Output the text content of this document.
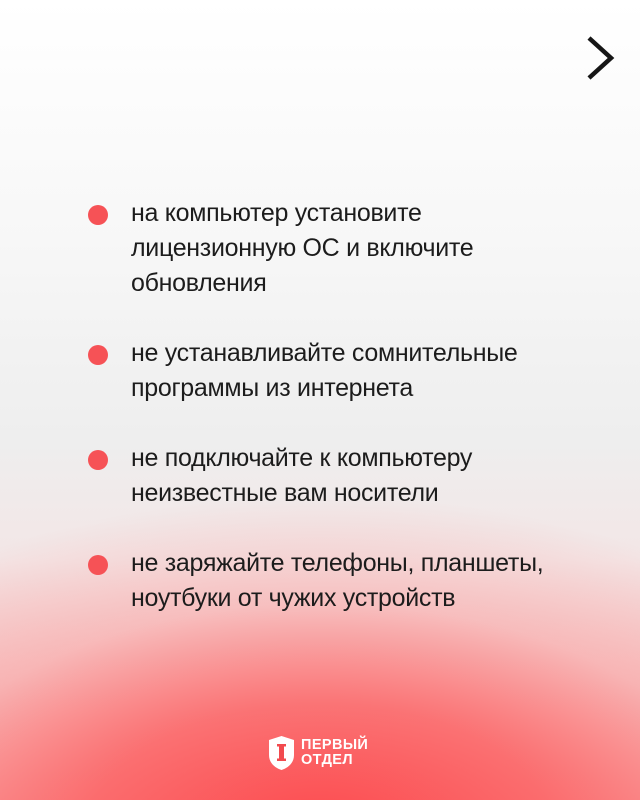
на компьютер установите лицензионную ОС и включите обновления
не устанавливайте сомнительные программы из интернета
не подключайте к компьютеру неизвестные вам носители
не заряжайте телефоны, планшеты, ноутбуки от чужих устройств
ПЕРВЫЙ
ОТДЕЛ
